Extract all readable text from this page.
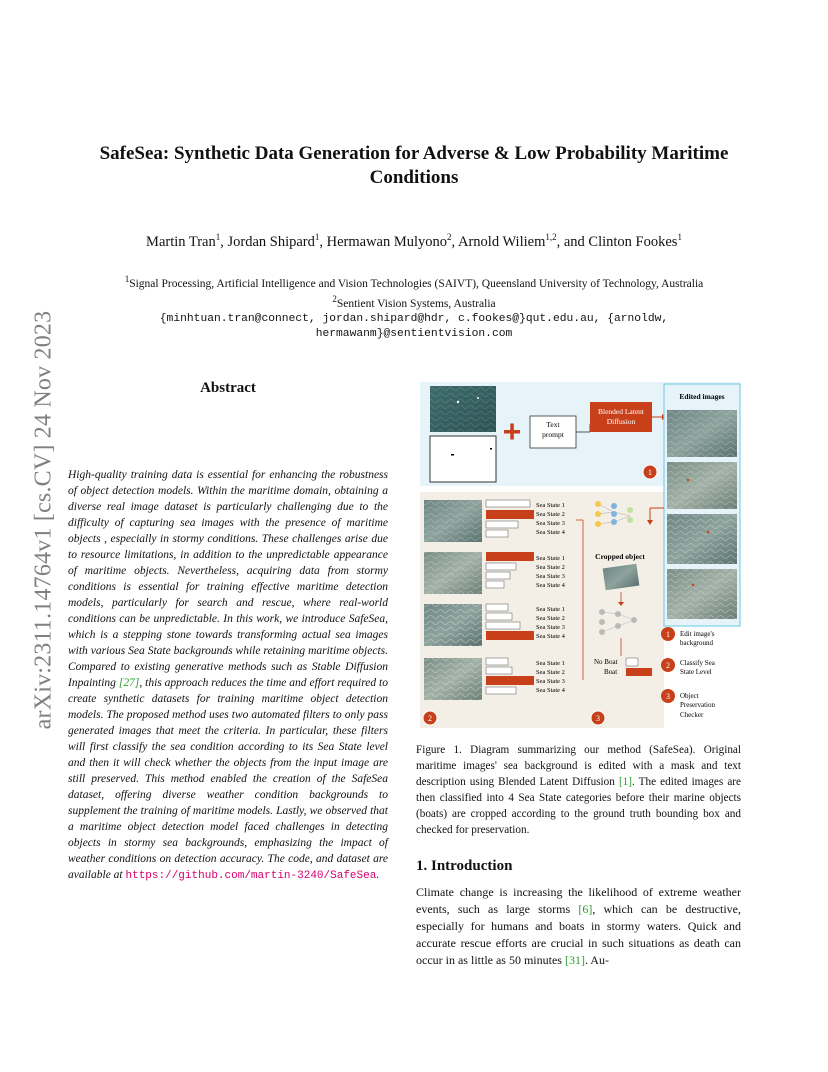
arXiv:2311.14764v1 [cs.CV] 24 Nov 2023
SafeSea: Synthetic Data Generation for Adverse & Low Probability Maritime Conditions
Martin Tran$^1$, Jordan Shipard$^1$, Hermawan Mulyono$^2$, Arnold Wiliem$^{1,2}$, and Clinton Fookes$^1$
$^1$Signal Processing, Artificial Intelligence and Vision Technologies (SAIVT), Queensland University of Technology, Australia
$^2$Sentient Vision Systems, Australia
{minhtuan.tran@connect, jordan.shipard@hdr, c.fookes@}qut.edu.au, {arnoldw,
hermawanm}@sentientvision.com
Abstract
High-quality training data is essential for enhancing the robustness of object detection models. Within the maritime domain, obtaining a diverse real image dataset is particularly challenging due to the difficulty of capturing sea images with the presence of maritime objects , especially in stormy conditions. These challenges arise due to resource limitations, in addition to the unpredictable appearance of maritime objects. Nevertheless, acquiring data from stormy conditions is essential for training effective maritime detection models, particularly for search and rescue, where real-world conditions can be unpredictable. In this work, we introduce SafeSea, which is a stepping stone towards transforming actual sea images with various Sea State backgrounds while retaining maritime objects. Compared to existing generative methods such as Stable Diffusion Inpainting [27], this approach reduces the time and effort required to create synthetic datasets for training maritime object detection models. The proposed method uses two automated filters to only pass generated images that meet the criteria. In particular, these filters will first classify the sea condition according to its Sea State level and then it will check whether the objects from the input image are still preserved. This method enabled the creation of the SafeSea dataset, offering diverse weather condition backgrounds to supplement the training of maritime models. Lastly, we observed that a maritime object detection model faced challenges in detecting objects in stormy sea backgrounds, emphasizing the impact of weather conditions on detection accuracy. The code, and dataset are available at https://github.com/martin-3240/SafeSea.
Text
prompt
Blended Latent
Diffusion
1
Edited images
Sea State 1
Sea State 2
Sea State 3
Sea State 4
Sea State 1
Sea State 2
Sea State 3
Sea State 4
Sea State 1
Sea State 2
Sea State 3
Sea State 4
Sea State 1
Sea State 2
Sea State 3
Sea State 4
Cropped object
No Boat
Boat
2	3
1 Edit image's
background
2 Classify Sea
State Level
3 Object
Preservation
Checker
Figure 1. Diagram summarizing our method (SafeSea). Original maritime images' sea background is edited with a mask and text description using Blended Latent Diffusion [1]. The edited images are then classified into 4 Sea State categories before their marine objects (boats) are cropped according to the ground truth bounding box and checked for preservation.
1. Introduction
Climate change is increasing the likelihood of extreme weather events, such as large storms [6], which can be destructive, especially for humans and boats in stormy waters. Quick and accurate rescue efforts are crucial in such situations as death can occur in as little as 50 minutes [31]. Au-
